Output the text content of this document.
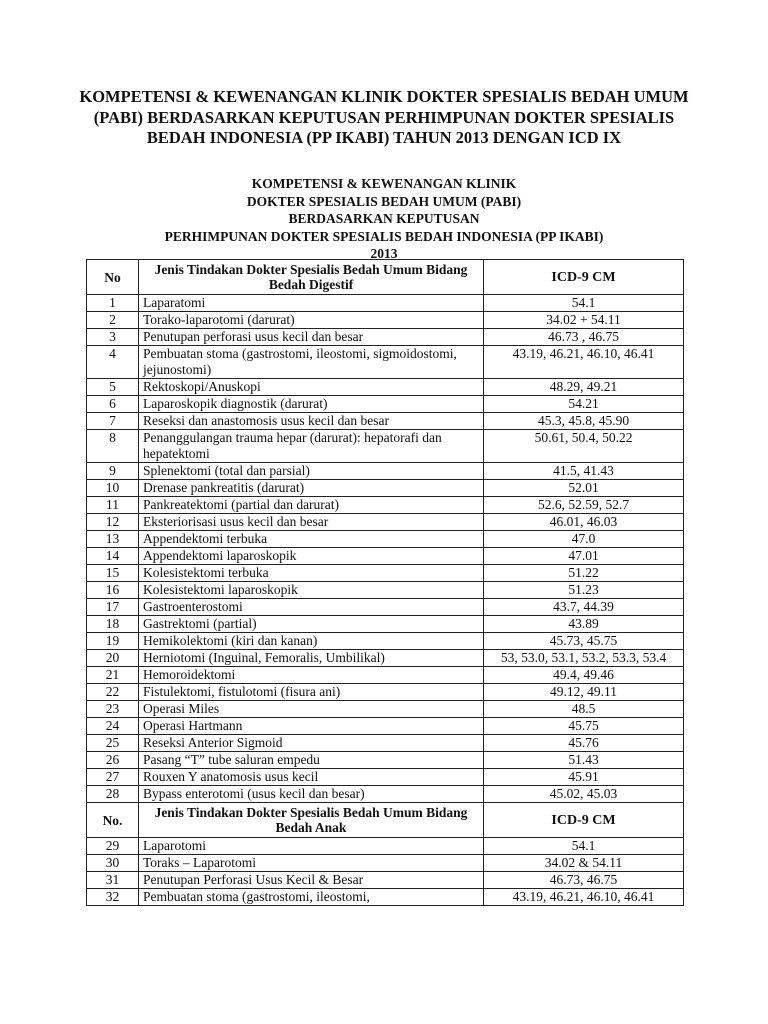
KOMPETENSI & KEWENANGAN KLINIK DOKTER SPESIALIS BEDAH UMUM (PABI) BERDASARKAN KEPUTUSAN PERHIMPUNAN DOKTER SPESIALIS BEDAH INDONESIA (PP IKABI) TAHUN 2013 DENGAN ICD IX
KOMPETENSI & KEWENANGAN KLINIK
DOKTER SPESIALIS BEDAH UMUM (PABI)
BERDASARKAN KEPUTUSAN
PERHIMPUNAN DOKTER SPESIALIS BEDAH INDONESIA (PP IKABI)
2013
No	Jenis Tindakan Dokter Spesialis Bedah Umum Bidang Bedah Digestif	ICD-9 CM
1	Laparatomi	54.1
2	Torako-laparotomi (darurat)	34.02 + 54.11
3	Penutupan perforasi usus kecil dan besar	46.73 , 46.75
4	Pembuatan stoma (gastrostomi, ileostomi, sigmoidostomi, jejunostomi)	43.19, 46.21, 46.10, 46.41
5	Rektoskopi/Anuskopi	48.29, 49.21
6	Laparoskopik diagnostik (darurat)	54.21
7	Reseksi dan anastomosis usus kecil dan besar	45.3, 45.8, 45.90
8	Penanggulangan trauma hepar (darurat): hepatorafi dan hepatektomi	50.61, 50.4, 50.22
9	Splenektomi (total dan parsial)	41.5, 41.43
10	Drenase pankreatitis (darurat)	52.01
11	Pankreatektomi (partial dan darurat)	52.6, 52.59, 52.7
12	Eksteriorisasi usus kecil dan besar	46.01, 46.03
13	Appendektomi terbuka	47.0
14	Appendektomi laparoskopik	47.01
15	Kolesistektomi terbuka	51.22
16	Kolesistektomi laparoskopik	51.23
17	Gastroenterostomi	43.7, 44.39
18	Gastrektomi (partial)	43.89
19	Hemikolektomi (kiri dan kanan)	45.73, 45.75
20	Herniotomi (Inguinal, Femoralis, Umbilikal)	53, 53.0, 53.1, 53.2, 53.3, 53.4
21	Hemoroidektomi	49.4, 49.46
22	Fistulektomi, fistulotomi (fisura ani)	49.12, 49.11
23	Operasi Miles	48.5
24	Operasi Hartmann	45.75
25	Reseksi Anterior Sigmoid	45.76
26	Pasang “T” tube saluran empedu	51.43
27	Rouxen Y anatomosis usus kecil	45.91
28	Bypass enterotomi (usus kecil dan besar)	45.02, 45.03
No.	Jenis Tindakan Dokter Spesialis Bedah Umum Bidang Bedah Anak	ICD-9 CM
29	Laparotomi	54.1
30	Toraks – Laparotomi	34.02 & 54.11
31	Penutupan Perforasi Usus Kecil & Besar	46.73, 46.75
32	Pembuatan stoma (gastrostomi, ileostomi,	43.19, 46.21, 46.10, 46.41
